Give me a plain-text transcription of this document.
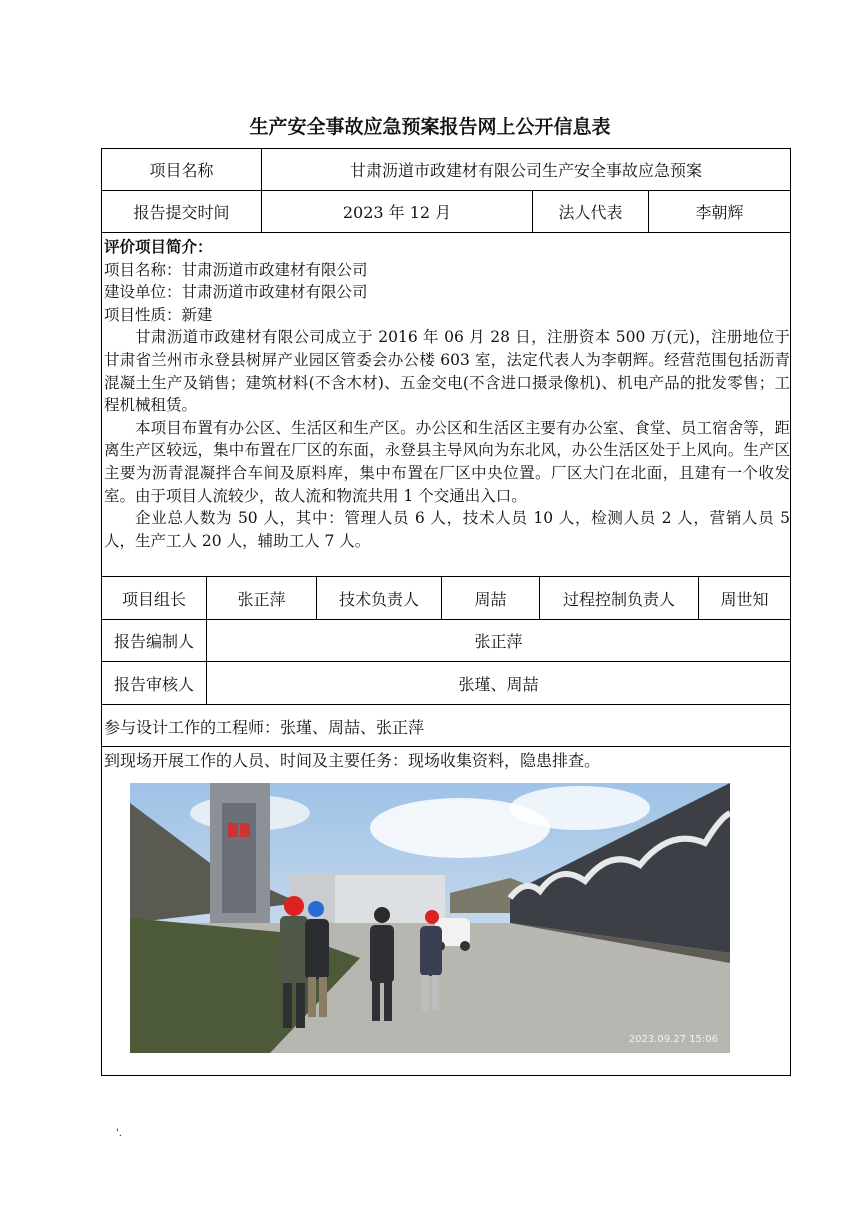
生产安全事故应急预案报告网上公开信息表
项目名称	甘肃沥道市政建材有限公司生产安全事故应急预案
报告提交时间	2023 年 12 月	法人代表	李朝辉
评价项目简介：
项目名称：甘肃沥道市政建材有限公司
建设单位：甘肃沥道市政建材有限公司
项目性质：新建
甘肃沥道市政建材有限公司成立于 2016 年 06 月 28 日，注册资本 500 万(元)，注册地位于甘肃省兰州市永登县树屏产业园区管委会办公楼 603 室，法定代表人为李朝辉。经营范围包括沥青混凝土生产及销售；建筑材料(不含木材)、五金交电(不含进口摄录像机)、机电产品的批发零售；工程机械租赁。
本项目布置有办公区、生活区和生产区。办公区和生活区主要有办公室、食堂、员工宿舍等，距离生产区较远，集中布置在厂区的东面，永登县主导风向为东北风，办公生活区处于上风向。生产区主要为沥青混凝拌合车间及原料库，集中布置在厂区中央位置。厂区大门在北面，且建有一个收发室。由于项目人流较少，故人流和物流共用 1 个交通出入口。
企业总人数为 50 人，其中：管理人员 6 人，技术人员 10 人，检测人员 2 人，营销人员 5 人，生产工人 20 人，辅助工人 7 人。
项目组长	张正萍	技术负责人	周喆	过程控制负责人	周世知
报告编制人	张正萍
报告审核人	张瑾、周喆
参与设计工作的工程师：张瑾、周喆、张正萍
到现场开展工作的人员、时间及主要任务：现场收集资料，隐患排查。
2023.09.27 15:06
'.
